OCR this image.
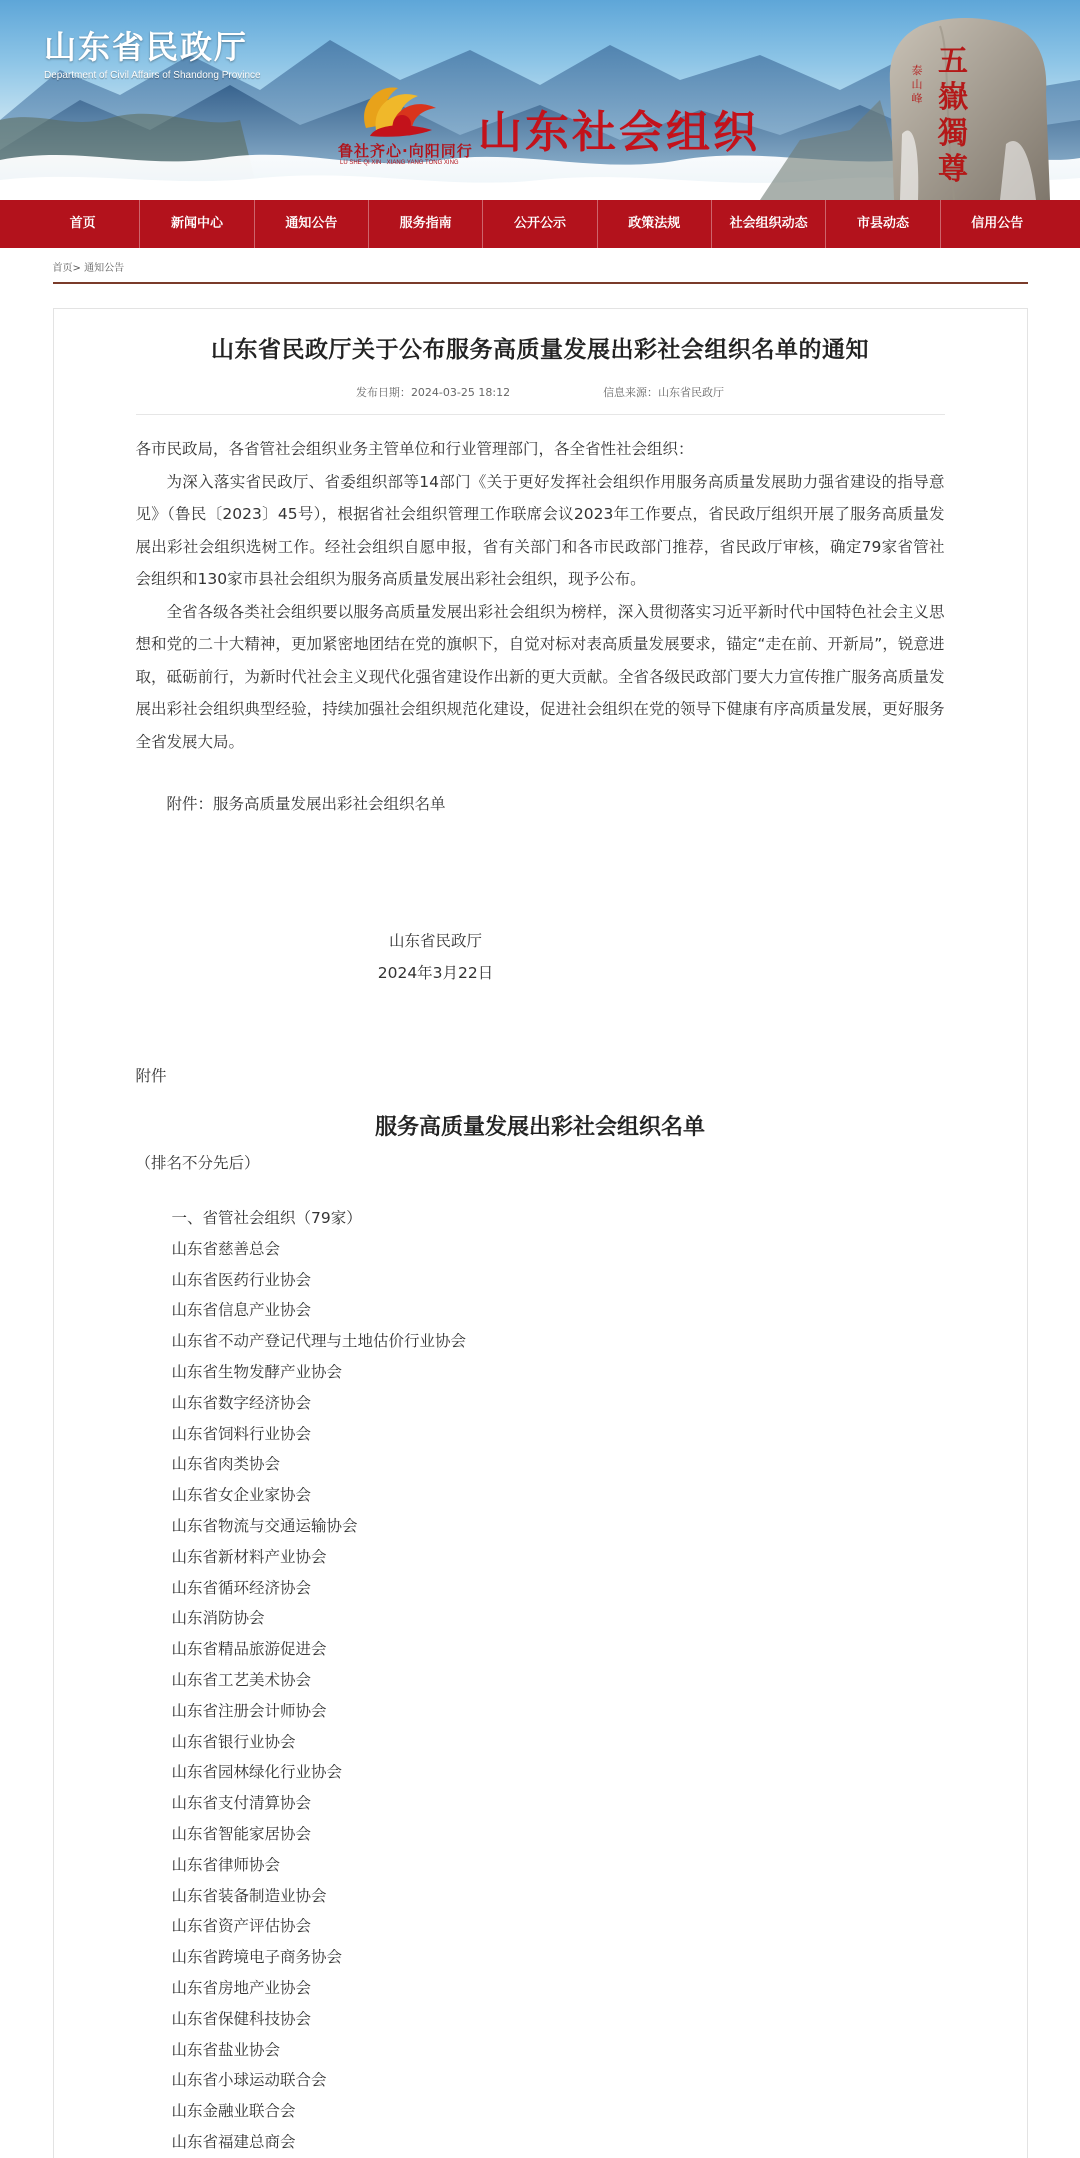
山东省民政厅
Department of Civil Affairs of Shandong Province
鲁社齐心·向阳同行
LU SHE QI XIN · XIANG YANG TONG XING
山东社会组织
五
嶽
獨
尊
泰山峰
首页	新闻中心	通知公告	服务指南	公开公示	政策法规	社会组织动态	市县动态	信用公告
首页> 通知公告
山东省民政厅关于公布服务高质量发展出彩社会组织名单的通知
发布日期：2024-03-25 18:12	信息来源：山东省民政厅

各市民政局，各省管社会组织业务主管单位和行业管理部门，各全省性社会组织：

为深入落实省民政厅、省委组织部等14部门《关于更好发挥社会组织作用服务高质量发展助力强省建设的指导意见》（鲁民〔2023〕45号），根据省社会组织管理工作联席会议2023年工作要点，省民政厅组织开展了服务高质量发展出彩社会组织选树工作。经社会组织自愿申报，省有关部门和各市民政部门推荐，省民政厅审核，确定79家省管社会组织和130家市县社会组织为服务高质量发展出彩社会组织，现予公布。

全省各级各类社会组织要以服务高质量发展出彩社会组织为榜样，深入贯彻落实习近平新时代中国特色社会主义思想和党的二十大精神，更加紧密地团结在党的旗帜下，自觉对标对表高质量发展要求，锚定“走在前、开新局”，锐意进取，砥砺前行，为新时代社会主义现代化强省建设作出新的更大贡献。全省各级民政部门要大力宣传推广服务高质量发展出彩社会组织典型经验，持续加强社会组织规范化建设，促进社会组织在党的领导下健康有序高质量发展，更好服务全省发展大局。

附件：服务高质量发展出彩社会组织名单

山东省民政厅
2024年3月22日

附件

服务高质量发展出彩社会组织名单

（排名不分先后）

一、省管社会组织（79家）
山东省慈善总会
山东省医药行业协会
山东省信息产业协会
山东省不动产登记代理与土地估价行业协会
山东省生物发酵产业协会
山东省数字经济协会
山东省饲料行业协会
山东省肉类协会
山东省女企业家协会
山东省物流与交通运输协会
山东省新材料产业协会
山东省循环经济协会
山东消防协会
山东省精品旅游促进会
山东省工艺美术协会
山东省注册会计师协会
山东省银行业协会
山东省园林绿化行业协会
山东省支付清算协会
山东省智能家居协会
山东省律师协会
山东省装备制造业协会
山东省资产评估协会
山东省跨境电子商务协会
山东省房地产业协会
山东省保健科技协会
山东省盐业协会
山东省小球运动联合会
山东金融业联合会
山东省福建总商会
